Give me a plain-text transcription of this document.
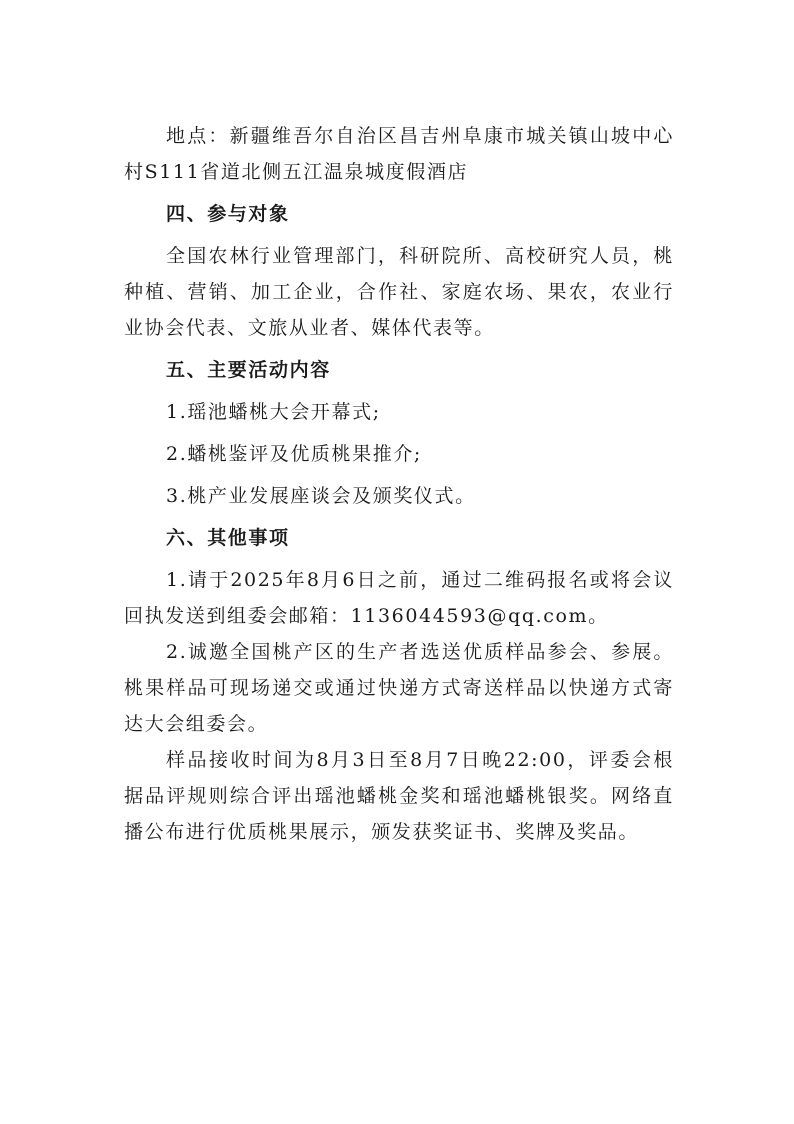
地点：新疆维吾尔自治区昌吉州阜康市城关镇山坡中心村S111省道北侧五江温泉城度假酒店

四、参与对象

全国农林行业管理部门，科研院所、高校研究人员，桃种植、营销、加工企业，合作社、家庭农场、果农，农业行业协会代表、文旅从业者、媒体代表等。

五、主要活动内容

1.瑶池蟠桃大会开幕式;

2.蟠桃鉴评及优质桃果推介;

3.桃产业发展座谈会及颁奖仪式。

六、其他事项

1.请于2025年8月6日之前，通过二维码报名或将会议回执发送到组委会邮箱：1136044593@qq.com。

2.诚邀全国桃产区的生产者选送优质样品参会、参展。桃果样品可现场递交或通过快递方式寄送样品以快递方式寄达大会组委会。

样品接收时间为8月3日至8月7日晚22:00，评委会根据品评规则综合评出瑶池蟠桃金奖和瑶池蟠桃银奖。网络直播公布进行优质桃果展示，颁发获奖证书、奖牌及奖品。
